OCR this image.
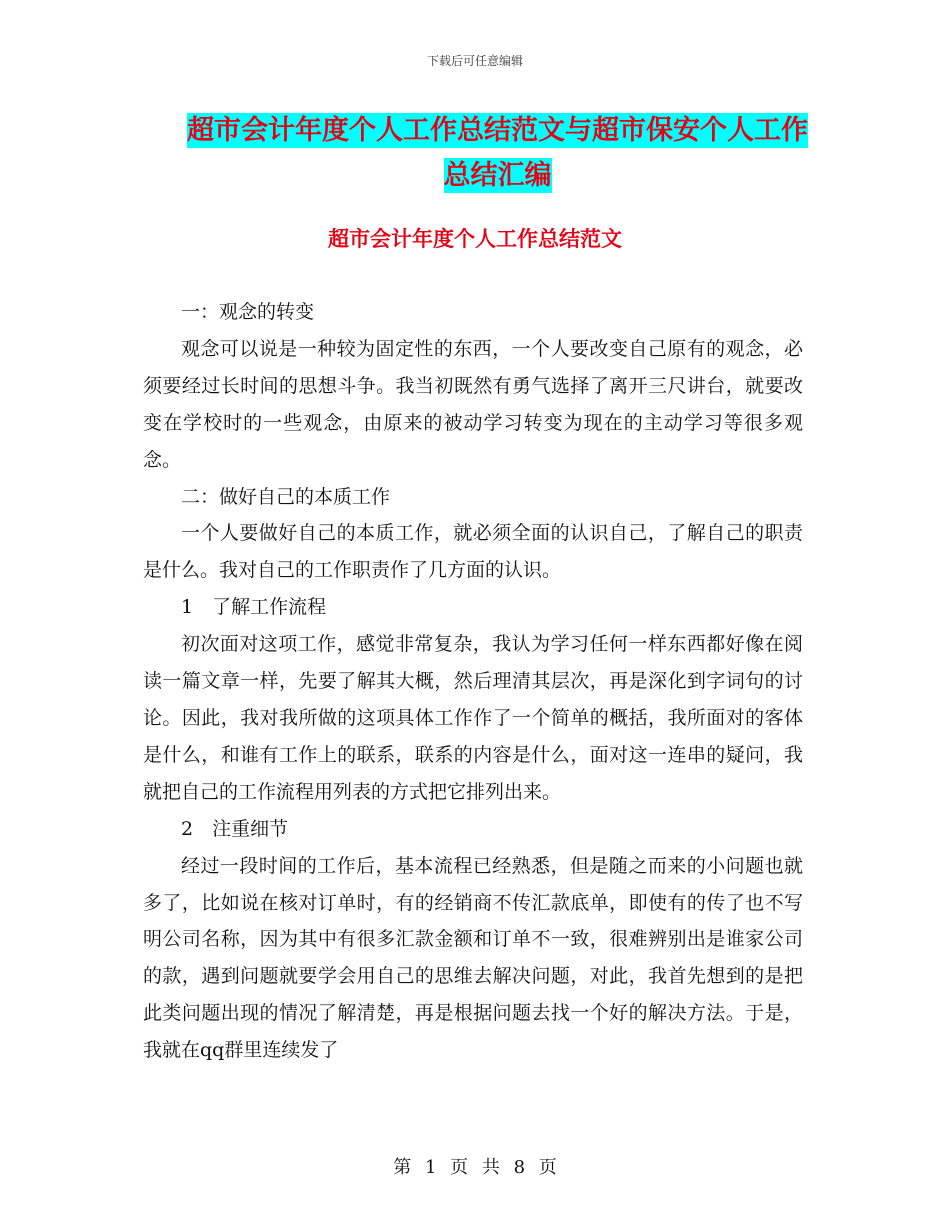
下载后可任意编辑
超市会计年度个人工作总结范文与超市保安个人工作
总结汇编
超市会计年度个人工作总结范文

一：观念的转变

观念可以说是一种较为固定性的东西，一个人要改变自己原有的观念，必须要经过长时间的思想斗争。我当初既然有勇气选择了离开三尺讲台，就要改变在学校时的一些观念，由原来的被动学习转变为现在的主动学习等很多观念。

二：做好自己的本质工作

一个人要做好自己的本质工作，就必须全面的认识自己，了解自己的职责是什么。我对自己的工作职责作了几方面的认识。

1　了解工作流程

初次面对这项工作，感觉非常复杂，我认为学习任何一样东西都好像在阅读一篇文章一样，先要了解其大概，然后理清其层次，再是深化到字词句的讨论。因此，我对我所做的这项具体工作作了一个简单的概括，我所面对的客体是什么，和谁有工作上的联系，联系的内容是什么，面对这一连串的疑问，我就把自己的工作流程用列表的方式把它排列出来。

2　注重细节

经过一段时间的工作后，基本流程已经熟悉，但是随之而来的小问题也就多了，比如说在核对订单时，有的经销商不传汇款底单，即使有的传了也不写明公司名称，因为其中有很多汇款金额和订单不一致，很难辨别出是谁家公司的款，遇到问题就要学会用自己的思维去解决问题，对此，我首先想到的是把此类问题出现的情况了解清楚，再是根据问题去找一个好的解决方法。于是，我就在qq群里连续发了

第 1 页 共 8 页
